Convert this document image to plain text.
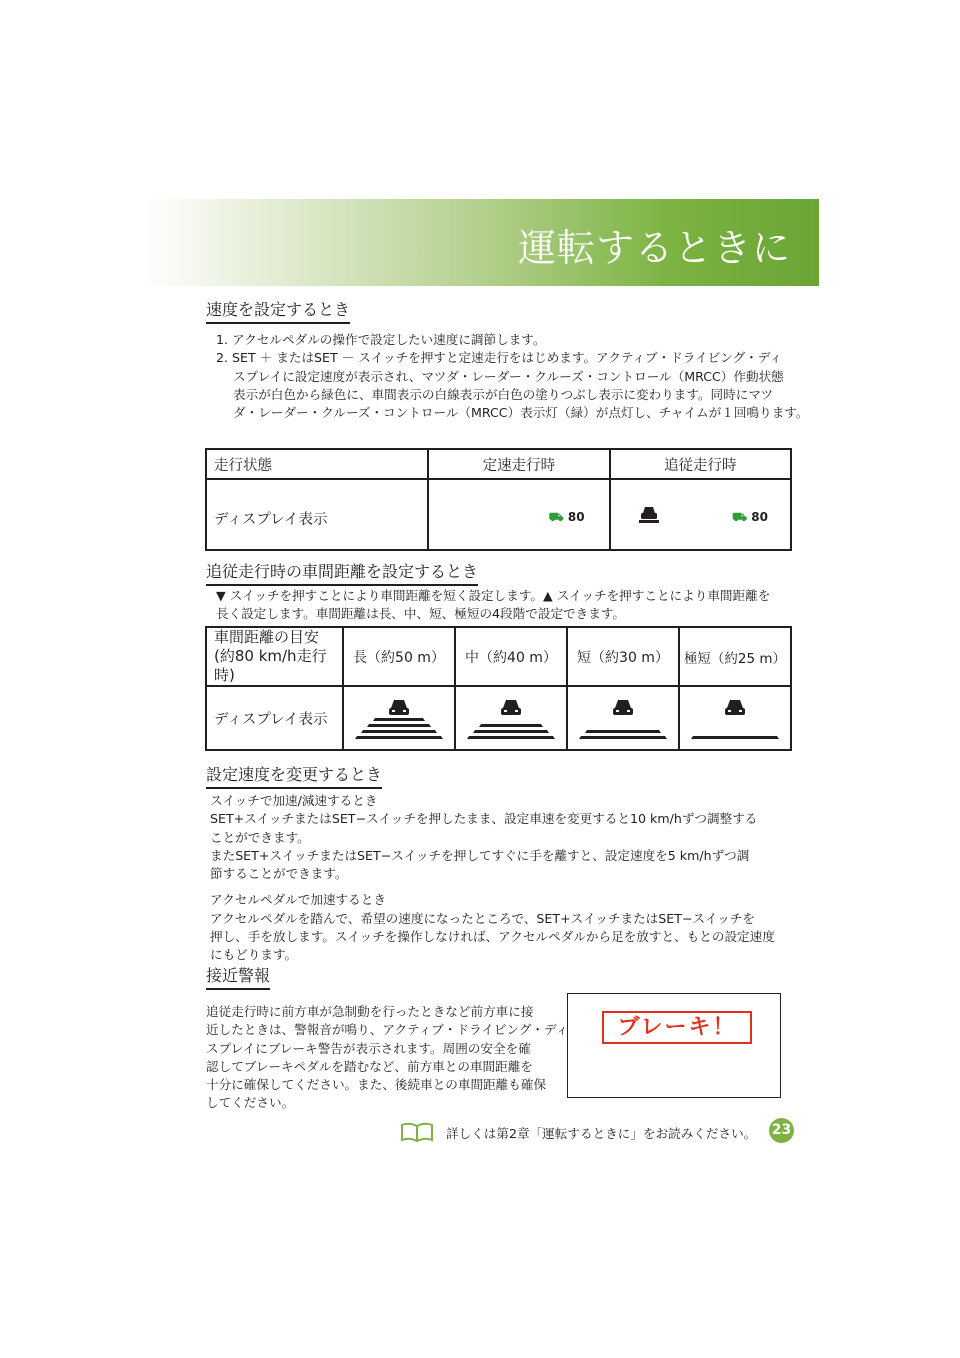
運転するときに
速度を設定するとき
1. アクセルペダルの操作で設定したい速度に調節します。
2. SET ＋ またはSET － スイッチを押すと定速走行をはじめます。アクティブ・ドライビング・ディ
スプレイに設定速度が表示され、マツダ・レーダー・クルーズ・コントロール（MRCC）作動状態
表示が白色から緑色に、車間表示の白線表示が白色の塗りつぶし表示に変わります。同時にマツ
ダ・レーダー・クルーズ・コントロール（MRCC）表示灯（緑）が点灯し、チャイムが１回鳴ります。
走行状態	定速走行時	追従走行時
ディスプレイ表示	⛟ 80	⛟ 80
追従走行時の車間距離を設定するとき
▼ スイッチを押すことにより車間距離を短く設定します。▲ スイッチを押すことにより車間距離を
長く設定します。車間距離は長、中、短、極短の4段階で設定できます。
車間距離の目安
(約80 km/h走行時)	長（約50 m）	中（約40 m）	短（約30 m）	極短（約25 m）
ディスプレイ表示	

設定速度を変更するとき
スイッチで加速/減速するとき
SET+スイッチまたはSET−スイッチを押したまま、設定車速を変更すると10 km/hずつ調整する
ことができます。
またSET+スイッチまたはSET−スイッチを押してすぐに手を離すと、設定速度を5 km/hずつ調
節することができます。
アクセルペダルで加速するとき
アクセルペダルを踏んで、希望の速度になったところで、SET+スイッチまたはSET−スイッチを
押し、手を放します。スイッチを操作しなければ、アクセルペダルから足を放すと、もとの設定速度
にもどります。
接近警報
追従走行時に前方車が急制動を行ったときなど前方車に接
近したときは、警報音が鳴り、アクティブ・ドライビング・ディ
スプレイにブレーキ警告が表示されます。周囲の安全を確
認してブレーキペダルを踏むなど、前方車との車間距離を
十分に確保してください。また、後続車との車間距離も確保
してください。
ブレーキ！
詳しくは第2章「運転するときに」をお読みください。 23
